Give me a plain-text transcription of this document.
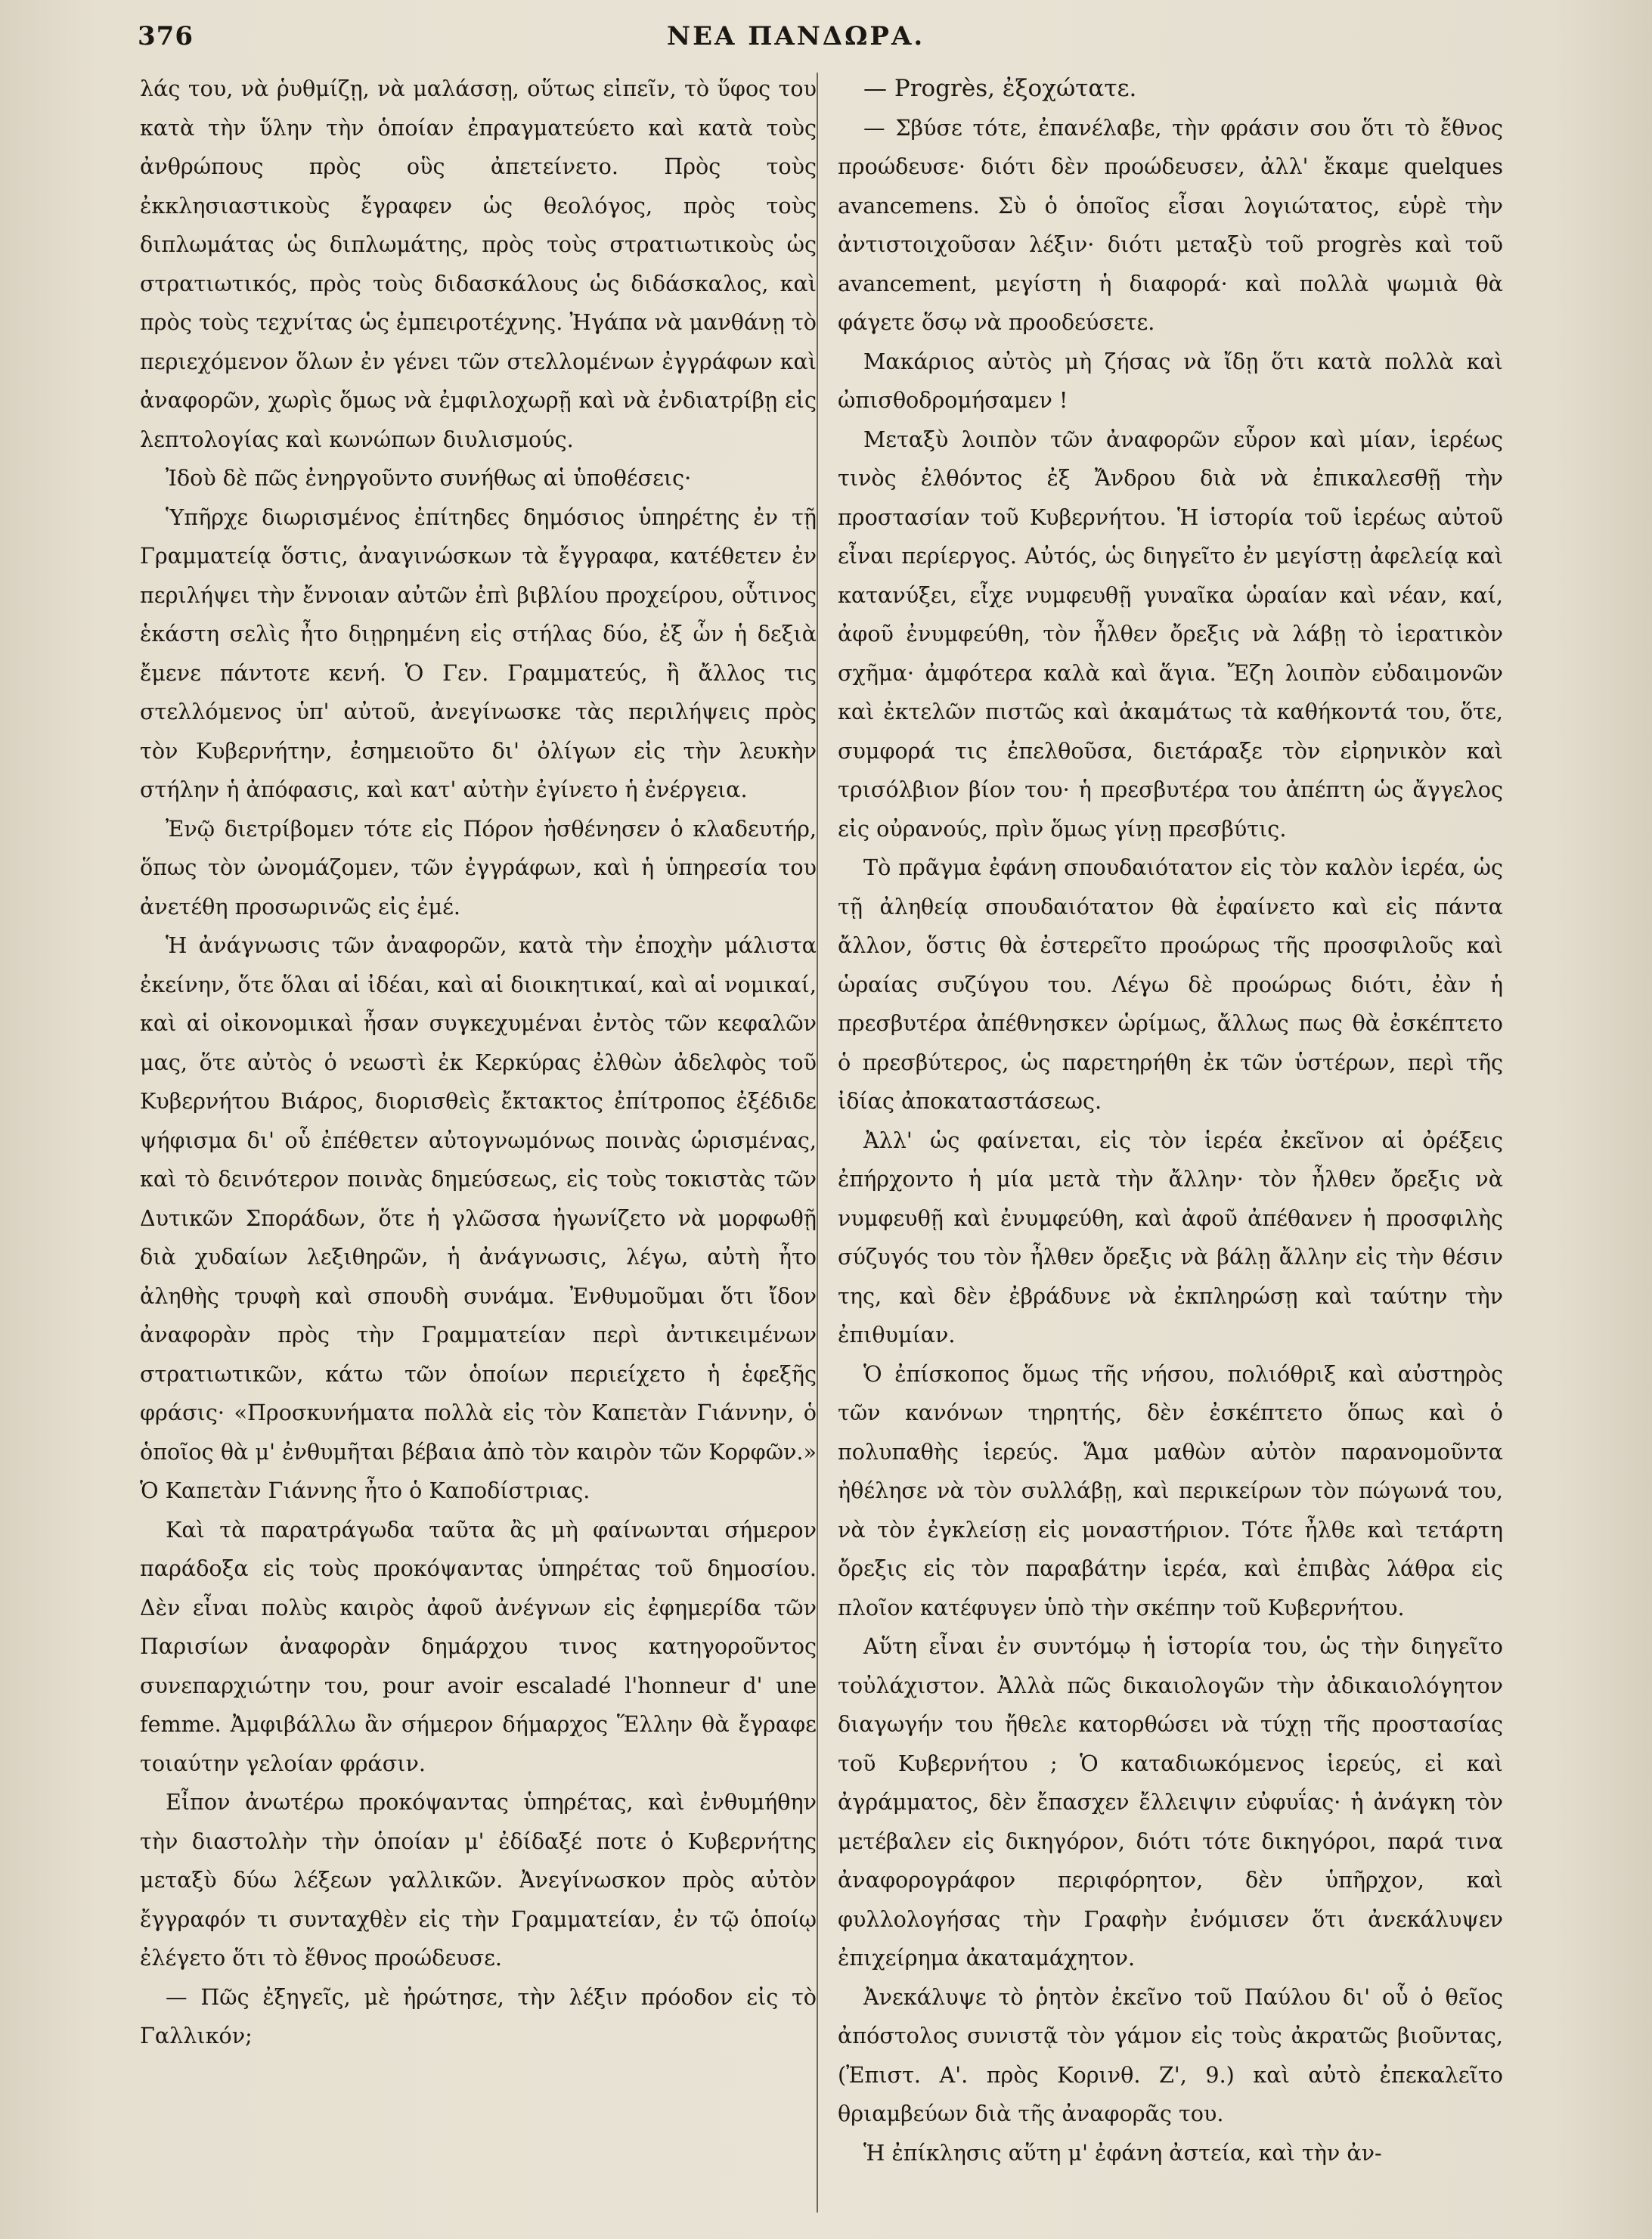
376	ΝΕΑ ΠΑΝΔΩΡΑ.

λάς του, νὰ ῥυθμίζῃ, νὰ μαλάσσῃ, οὕτως εἰπεῖν, τὸ ὕφος του κατὰ τὴν ὕλην τὴν ὁποίαν ἐπραγματεύετο καὶ κατὰ τοὺς ἀνθρώπους πρὸς οὓς ἀπετείνετο. Πρὸς τοὺς ἐκκλησιαστικοὺς ἔγραφεν ὡς θεολόγος, πρὸς τοὺς διπλωμάτας ὡς διπλωμάτης, πρὸς τοὺς στρατιωτικοὺς ὡς στρατιωτικός, πρὸς τοὺς διδασκάλους ὡς διδάσκαλος, καὶ πρὸς τοὺς τεχνίτας ὡς ἐμπειροτέχνης. Ἠγάπα νὰ μανθάνῃ τὸ περιεχόμενον ὅλων ἐν γένει τῶν στελλομένων ἐγγράφων καὶ ἀναφορῶν, χωρὶς ὅμως νὰ ἐμφιλοχωρῇ καὶ νὰ ἐνδιατρίβῃ εἰς λεπτολογίας καὶ κωνώπων διυλισμούς.

Ἰδοὺ δὲ πῶς ἐνηργοῦντο συνήθως αἱ ὑποθέσεις·

Ὑπῆρχε διωρισμένος ἐπίτηδες δημόσιος ὑπηρέτης ἐν τῇ Γραμματείᾳ ὅστις, ἀναγινώσκων τὰ ἔγγραφα, κατέθετεν ἐν περιλήψει τὴν ἔννοιαν αὐτῶν ἐπὶ βιβλίου προχείρου, οὗτινος ἑκάστη σελὶς ἦτο διῃρημένη εἰς στήλας δύο, ἐξ ὧν ἡ δεξιὰ ἔμενε πάντοτε κενή. Ὁ Γεν. Γραμματεύς, ἢ ἄλλος τις στελλόμενος ὑπ' αὐτοῦ, ἀνεγίνωσκε τὰς περιλήψεις πρὸς τὸν Κυβερνήτην, ἐσημειοῦτο δι' ὀλίγων εἰς τὴν λευκὴν στήλην ἡ ἀπόφασις, καὶ κατ' αὐτὴν ἐγίνετο ἡ ἐνέργεια.

Ἐνῷ διετρίβομεν τότε εἰς Πόρον ἠσθένησεν ὁ κλαδευτήρ, ὅπως τὸν ὠνομάζομεν, τῶν ἐγγράφων, καὶ ἡ ὑπηρεσία του ἀνετέθη προσωρινῶς εἰς ἐμέ.

Ἡ ἀνάγνωσις τῶν ἀναφορῶν, κατὰ τὴν ἐποχὴν μάλιστα ἐκείνην, ὅτε ὅλαι αἱ ἰδέαι, καὶ αἱ διοικητικαί, καὶ αἱ νομικαί, καὶ αἱ οἰκονομικαὶ ἦσαν συγκεχυμέναι ἐντὸς τῶν κεφαλῶν μας, ὅτε αὐτὸς ὁ νεωστὶ ἐκ Κερκύρας ἐλθὼν ἀδελφὸς τοῦ Κυβερνήτου Βιάρος, διορισθεὶς ἔκτακτος ἐπίτροπος ἐξέδιδε ψήφισμα δι' οὗ ἐπέθετεν αὐτογνωμόνως ποινὰς ὡρισμένας, καὶ τὸ δεινότερον ποινὰς δημεύσεως, εἰς τοὺς τοκιστὰς τῶν Δυτικῶν Σποράδων, ὅτε ἡ γλῶσσα ἠγωνίζετο νὰ μορφωθῇ διὰ χυδαίων λεξιθηρῶν, ἡ ἀνάγνωσις, λέγω, αὐτὴ ἦτο ἀληθὴς τρυφὴ καὶ σπουδὴ συνάμα. Ἐνθυμοῦμαι ὅτι ἴδον ἀναφορὰν πρὸς τὴν Γραμματείαν περὶ ἀντικειμένων στρατιωτικῶν, κάτω τῶν ὁποίων περιείχετο ἡ ἑφεξῆς φράσις· «Προσκυνήματα πολλὰ εἰς τὸν Καπετὰν Γιάννην, ὁ ὁποῖος θὰ μ' ἐνθυμῆται βέβαια ἀπὸ τὸν καιρὸν τῶν Κορφῶν.» Ὁ Καπετὰν Γιάννης ἦτο ὁ Καποδίστριας.

Καὶ τὰ παρατράγωδα ταῦτα ἂς μὴ φαίνωνται σήμερον παράδοξα εἰς τοὺς προκόψαντας ὑπηρέτας τοῦ δημοσίου. Δὲν εἶναι πολὺς καιρὸς ἀφοῦ ἀνέγνων εἰς ἐφημερίδα τῶν Παρισίων ἀναφορὰν δημάρχου τινος κατηγοροῦντος συνεπαρχιώτην του, pour avoir escaladé l'honneur d' une femme. Ἀμφιβάλλω ἂν σήμερον δήμαρχος Ἕλλην θὰ ἔγραφε τοιαύτην γελοίαν φράσιν.

Εἶπον ἀνωτέρω προκόψαντας ὑπηρέτας, καὶ ἐνθυμήθην τὴν διαστολὴν τὴν ὁποίαν μ' ἐδίδαξέ ποτε ὁ Κυβερνήτης μεταξὺ δύω λέξεων γαλλικῶν. Ἀνεγίνωσκον πρὸς αὐτὸν ἔγγραφόν τι συνταχθὲν εἰς τὴν Γραμματείαν, ἐν τῷ ὁποίῳ ἐλέγετο ὅτι τὸ ἔθνος προώδευσε.

— Πῶς ἐξηγεῖς, μὲ ἠρώτησε, τὴν λέξιν πρόοδον εἰς τὸ Γαλλικόν;

— Progrès, ἐξοχώτατε.

— Σβύσε τότε, ἐπανέλαβε, τὴν φράσιν σου ὅτι τὸ ἔθνος προώδευσε· διότι δὲν προώδευσεν, ἀλλ' ἔκαμε quelques avancemens. Σὺ ὁ ὁποῖος εἶσαι λογιώτατος, εὑρὲ τὴν ἀντιστοιχοῦσαν λέξιν· διότι μεταξὺ τοῦ progrès καὶ τοῦ avancement, μεγίστη ἡ διαφορά· καὶ πολλὰ ψωμιὰ θὰ φάγετε ὅσῳ νὰ προοδεύσετε.

Μακάριος αὐτὸς μὴ ζήσας νὰ ἴδῃ ὅτι κατὰ πολλὰ καὶ ὠπισθοδρομήσαμεν !

Μεταξὺ λοιπὸν τῶν ἀναφορῶν εὗρον καὶ μίαν, ἱερέως τινὸς ἐλθόντος ἐξ Ἄνδρου διὰ νὰ ἐπικαλεσθῇ τὴν προστασίαν τοῦ Κυβερνήτου. Ἡ ἱστορία τοῦ ἱερέως αὐτοῦ εἶναι περίεργος. Αὐτός, ὡς διηγεῖτο ἐν μεγίστῃ ἀφελείᾳ καὶ κατανύξει, εἶχε νυμφευθῇ γυναῖκα ὡραίαν καὶ νέαν, καί, ἀφοῦ ἐνυμφεύθη, τὸν ἦλθεν ὄρεξις νὰ λάβῃ τὸ ἱερατικὸν σχῆμα· ἀμφότερα καλὰ καὶ ἅγια. Ἔζη λοιπὸν εὐδαιμονῶν καὶ ἐκτελῶν πιστῶς καὶ ἀκαμάτως τὰ καθήκοντά του, ὅτε, συμφορά τις ἐπελθοῦσα, διετάραξε τὸν εἰρηνικὸν καὶ τρισόλβιον βίον του· ἡ πρεσβυτέρα του ἀπέπτη ὡς ἄγγελος εἰς οὐρανούς, πρὶν ὅμως γίνῃ πρεσβύτις.

Τὸ πρᾶγμα ἐφάνη σπουδαιότατον εἰς τὸν καλὸν ἱερέα, ὡς τῇ ἀληθείᾳ σπουδαιότατον θὰ ἐφαίνετο καὶ εἰς πάντα ἄλλον, ὅστις θὰ ἐστερεῖτο προώρως τῆς προσφιλοῦς καὶ ὡραίας συζύγου του. Λέγω δὲ προώρως διότι, ἐὰν ἡ πρεσβυτέρα ἀπέθνησκεν ὡρίμως, ἄλλως πως θὰ ἐσκέπτετο ὁ πρεσβύτερος, ὡς παρετηρήθη ἐκ τῶν ὑστέρων, περὶ τῆς ἰδίας ἀποκαταστάσεως.

Ἀλλ' ὡς φαίνεται, εἰς τὸν ἱερέα ἐκεῖνον αἱ ὀρέξεις ἐπήρχοντο ἡ μία μετὰ τὴν ἄλλην· τὸν ἦλθεν ὄρεξις νὰ νυμφευθῇ καὶ ἐνυμφεύθη, καὶ ἀφοῦ ἀπέθανεν ἡ προσφιλὴς σύζυγός του τὸν ἦλθεν ὄρεξις νὰ βάλῃ ἄλλην εἰς τὴν θέσιν της, καὶ δὲν ἐβράδυνε νὰ ἐκπληρώσῃ καὶ ταύτην τὴν ἐπιθυμίαν.

Ὁ ἐπίσκοπος ὅμως τῆς νήσου, πολιόθριξ καὶ αὐστηρὸς τῶν κανόνων τηρητής, δὲν ἐσκέπτετο ὅπως καὶ ὁ πολυπαθὴς ἱερεύς. Ἅμα μαθὼν αὐτὸν παρανομοῦντα ἠθέλησε νὰ τὸν συλλάβῃ, καὶ περικείρων τὸν πώγωνά του, νὰ τὸν ἐγκλείσῃ εἰς μοναστήριον. Τότε ἦλθε καὶ τετάρτη ὄρεξις εἰς τὸν παραβάτην ἱερέα, καὶ ἐπιβὰς λάθρα εἰς πλοῖον κατέφυγεν ὑπὸ τὴν σκέπην τοῦ Κυβερνήτου.

Αὕτη εἶναι ἐν συντόμῳ ἡ ἱστορία του, ὡς τὴν διηγεῖτο τοὐλάχιστον. Ἀλλὰ πῶς δικαιολογῶν τὴν ἀδικαιολόγητον διαγωγήν του ἤθελε κατορθώσει νὰ τύχῃ τῆς προστασίας τοῦ Κυβερνήτου ; Ὁ καταδιωκόμενος ἱερεύς, εἰ καὶ ἀγράμματος, δὲν ἔπασχεν ἔλλειψιν εὐφυΐας· ἡ ἀνάγκη τὸν μετέβαλεν εἰς δικηγόρον, διότι τότε δικηγόροι, παρά τινα ἀναφορογράφον περιφόρητον, δὲν ὑπῆρχον, καὶ φυλλολογήσας τὴν Γραφὴν ἐνόμισεν ὅτι ἀνεκάλυψεν ἐπιχείρημα ἀκαταμάχητον.

Ἀνεκάλυψε τὸ ῥητὸν ἐκεῖνο τοῦ Παύλου δι' οὗ ὁ θεῖος ἀπόστολος συνιστᾷ τὸν γάμον εἰς τοὺς ἀκρατῶς βιοῦντας, (Ἐπιστ. Α'. πρὸς Κορινθ. Ζ', 9.) καὶ αὐτὸ ἐπεκαλεῖτο θριαμβεύων διὰ τῆς ἀναφορᾶς του.

Ἡ ἐπίκλησις αὕτη μ' ἐφάνη ἀστεία, καὶ τὴν ἀν-
